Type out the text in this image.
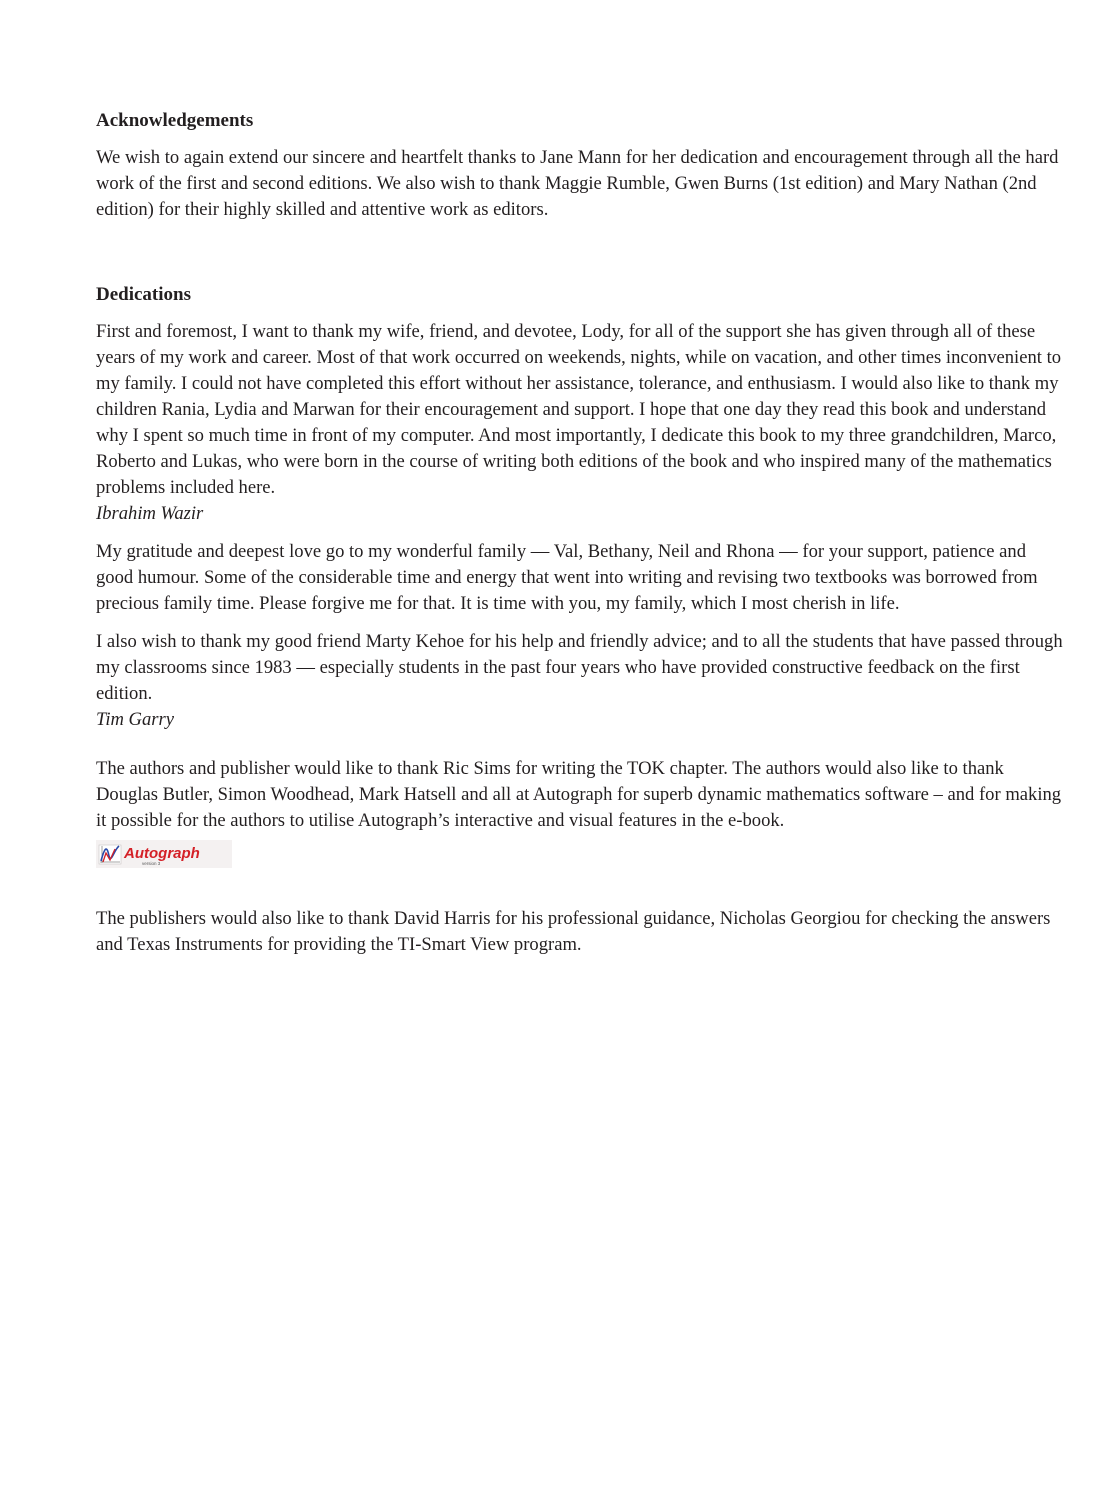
Acknowledgements

We wish to again extend our sincere and heartfelt thanks to Jane Mann for her dedication and encouragement through all the hard work of the first and second editions. We also wish to thank Maggie Rumble, Gwen Burns (1st edition) and Mary Nathan (2nd edition) for their highly skilled and attentive work as editors.

Dedications

First and foremost, I want to thank my wife, friend, and devotee, Lody, for all of the support she has given through all of these years of my work and career. Most of that work occurred on weekends, nights, while on vacation, and other times inconvenient to my family. I could not have completed this effort without her assistance, tolerance, and enthusiasm. I would also like to thank my children Rania, Lydia and Marwan for their encouragement and support. I hope that one day they read this book and understand why I spent so much time in front of my computer. And most importantly, I dedicate this book to my three grandchildren, Marco, Roberto and Lukas, who were born in the course of writing both editions of the book and who inspired many of the mathematics problems included here.
Ibrahim Wazir

My gratitude and deepest love go to my wonderful family — Val, Bethany, Neil and Rhona — for your support, patience and good humour. Some of the considerable time and energy that went into writing and revising two textbooks was borrowed from precious family time. Please forgive me for that. It is time with you, my family, which I most cherish in life.

I also wish to thank my good friend Marty Kehoe for his help and friendly advice; and to all the students that have passed through my classrooms since 1983 — especially students in the past four years who have provided constructive feedback on the first edition.
Tim Garry

The authors and publisher would like to thank Ric Sims for writing the TOK chapter. The authors would also like to thank Douglas Butler, Simon Woodhead, Mark Hatsell and all at Autograph for superb dynamic mathematics software – and for making it possible for the authors to utilise Autograph’s interactive and visual features in the e-book.

Autograph
version 3

The publishers would also like to thank David Harris for his professional guidance, Nicholas Georgiou for checking the answers and Texas Instruments for providing the TI-Smart View program.
